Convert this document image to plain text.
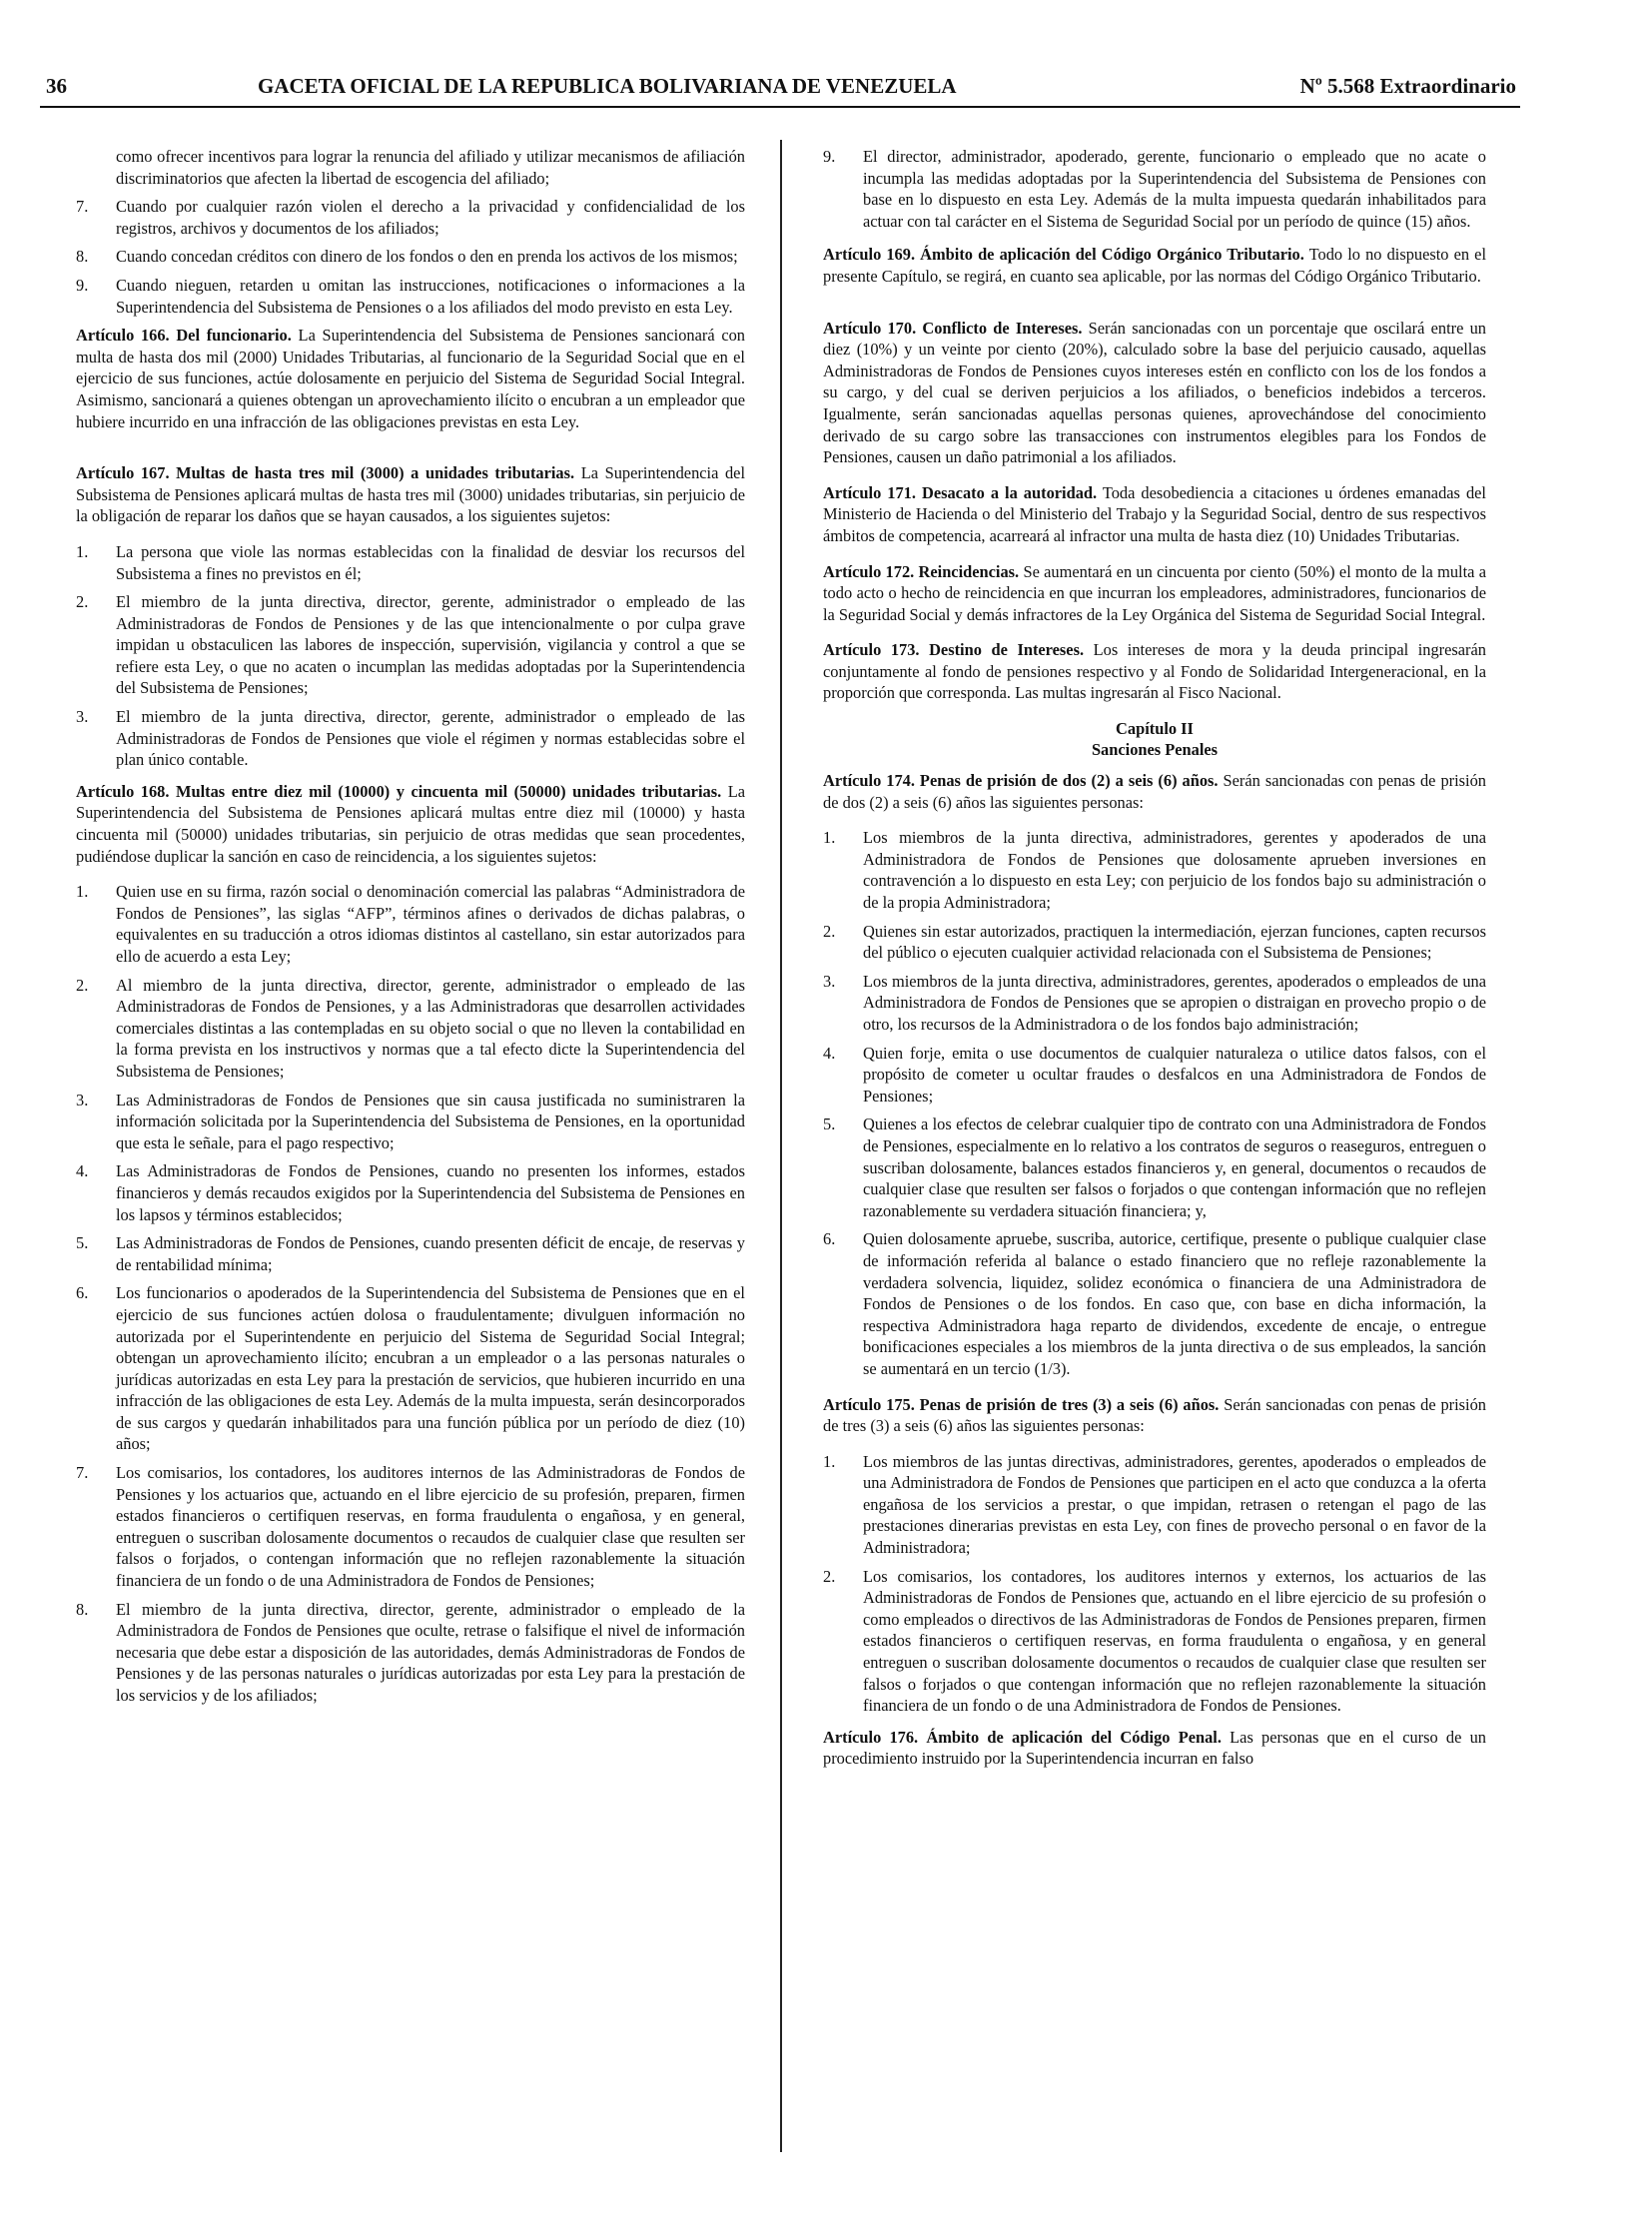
36	GACETA OFICIAL DE LA REPUBLICA BOLIVARIANA DE VENEZUELA	Nº 5.568 Extraordinario

como ofrecer incentivos para lograr la renuncia del afiliado y utilizar mecanismos de afiliación discriminatorios que afecten la libertad de escogencia del afiliado;

7. Cuando por cualquier razón violen el derecho a la privacidad y confidencialidad de los registros, archivos y documentos de los afiliados;
8. Cuando concedan créditos con dinero de los fondos o den en prenda los activos de los mismos;
9. Cuando nieguen, retarden u omitan las instrucciones, notificaciones o informaciones a la Superintendencia del Subsistema de Pensiones o a los afiliados del modo previsto en esta Ley.

Artículo 166. Del funcionario. La Superintendencia del Subsistema de Pensiones sancionará con multa de hasta dos mil (2000) Unidades Tributarias, al funcionario de la Seguridad Social que en el ejercicio de sus funciones, actúe dolosamente en perjuicio del Sistema de Seguridad Social Integral. Asimismo, sancionará a quienes obtengan un aprovechamiento ilícito o encubran a un empleador que hubiere incurrido en una infracción de las obligaciones previstas en esta Ley.

Artículo 167. Multas de hasta tres mil (3000) a unidades tributarias. La Superintendencia del Subsistema de Pensiones aplicará multas de hasta tres mil (3000) unidades tributarias, sin perjuicio de la obligación de reparar los daños que se hayan causados, a los siguientes sujetos:

1. La persona que viole las normas establecidas con la finalidad de desviar los recursos del Subsistema a fines no previstos en él;
2. El miembro de la junta directiva, director, gerente, administrador o empleado de las Administradoras de Fondos de Pensiones y de las que intencionalmente o por culpa grave impidan u obstaculicen las labores de inspección, supervisión, vigilancia y control a que se refiere esta Ley, o que no acaten o incumplan las medidas adoptadas por la Superintendencia del Subsistema de Pensiones;
3. El miembro de la junta directiva, director, gerente, administrador o empleado de las Administradoras de Fondos de Pensiones que viole el régimen y normas establecidas sobre el plan único contable.

Artículo 168. Multas entre diez mil (10000) y cincuenta mil (50000) unidades tributarias. La Superintendencia del Subsistema de Pensiones aplicará multas entre diez mil (10000) y hasta cincuenta mil (50000) unidades tributarias, sin perjuicio de otras medidas que sean procedentes, pudiéndose duplicar la sanción en caso de reincidencia, a los siguientes sujetos:

1. Quien use en su firma, razón social o denominación comercial las palabras “Administradora de Fondos de Pensiones”, las siglas “AFP”, términos afines o derivados de dichas palabras, o equivalentes en su traducción a otros idiomas distintos al castellano, sin estar autorizados para ello de acuerdo a esta Ley;
2. Al miembro de la junta directiva, director, gerente, administrador o empleado de las Administradoras de Fondos de Pensiones, y a las Administradoras que desarrollen actividades comerciales distintas a las contempladas en su objeto social o que no lleven la contabilidad en la forma prevista en los instructivos y normas que a tal efecto dicte la Superintendencia del Subsistema de Pensiones;
3. Las Administradoras de Fondos de Pensiones que sin causa justificada no suministraren la información solicitada por la Superintendencia del Subsistema de Pensiones, en la oportunidad que esta le señale, para el pago respectivo;
4. Las Administradoras de Fondos de Pensiones, cuando no presenten los informes, estados financieros y demás recaudos exigidos por la Superintendencia del Subsistema de Pensiones en los lapsos y términos establecidos;
5. Las Administradoras de Fondos de Pensiones, cuando presenten déficit de encaje, de reservas y de rentabilidad mínima;
6. Los funcionarios o apoderados de la Superintendencia del Subsistema de Pensiones que en el ejercicio de sus funciones actúen dolosa o fraudulentamente; divulguen información no autorizada por el Superintendente en perjuicio del Sistema de Seguridad Social Integral; obtengan un aprovechamiento ilícito; encubran a un empleador o a las personas naturales o jurídicas autorizadas en esta Ley para la prestación de servicios, que hubieren incurrido en una infracción de las obligaciones de esta Ley. Además de la multa impuesta, serán desincorporados de sus cargos y quedarán inhabilitados para una función pública por un período de diez (10) años;
7. Los comisarios, los contadores, los auditores internos de las Administradoras de Fondos de Pensiones y los actuarios que, actuando en el libre ejercicio de su profesión, preparen, firmen estados financieros o certifiquen reservas, en forma fraudulenta o engañosa, y en general, entreguen o suscriban dolosamente documentos o recaudos de cualquier clase que resulten ser falsos o forjados, o contengan información que no reflejen razonablemente la situación financiera de un fondo o de una Administradora de Fondos de Pensiones;
8. El miembro de la junta directiva, director, gerente, administrador o empleado de la Administradora de Fondos de Pensiones que oculte, retrase o falsifique el nivel de información necesaria que debe estar a disposición de las autoridades, demás Administradoras de Fondos de Pensiones y de las personas naturales o jurídicas autorizadas por esta Ley para la prestación de los servicios y de los afiliados;
9. El director, administrador, apoderado, gerente, funcionario o empleado que no acate o incumpla las medidas adoptadas por la Superintendencia del Subsistema de Pensiones con base en lo dispuesto en esta Ley. Además de la multa impuesta quedarán inhabilitados para actuar con tal carácter en el Sistema de Seguridad Social por un período de quince (15) años.

Artículo 169. Ámbito de aplicación del Código Orgánico Tributario. Todo lo no dispuesto en el presente Capítulo, se regirá, en cuanto sea aplicable, por las normas del Código Orgánico Tributario.

Artículo 170. Conflicto de Intereses. Serán sancionadas con un porcentaje que oscilará entre un diez (10%) y un veinte por ciento (20%), calculado sobre la base del perjuicio causado, aquellas Administradoras de Fondos de Pensiones cuyos intereses estén en conflicto con los de los fondos a su cargo, y del cual se deriven perjuicios a los afiliados, o beneficios indebidos a terceros. Igualmente, serán sancionadas aquellas personas quienes, aprovechándose del conocimiento derivado de su cargo sobre las transacciones con instrumentos elegibles para los Fondos de Pensiones, causen un daño patrimonial a los afiliados.

Artículo 171. Desacato a la autoridad. Toda desobediencia a citaciones u órdenes emanadas del Ministerio de Hacienda o del Ministerio del Trabajo y la Seguridad Social, dentro de sus respectivos ámbitos de competencia, acarreará al infractor una multa de hasta diez (10) Unidades Tributarias.

Artículo 172. Reincidencias. Se aumentará en un cincuenta por ciento (50%) el monto de la multa a todo acto o hecho de reincidencia en que incurran los empleadores, administradores, funcionarios de la Seguridad Social y demás infractores de la Ley Orgánica del Sistema de Seguridad Social Integral.

Artículo 173. Destino de Intereses. Los intereses de mora y la deuda principal ingresarán conjuntamente al fondo de pensiones respectivo y al Fondo de Solidaridad Intergeneracional, en la proporción que corresponda. Las multas ingresarán al Fisco Nacional.

Capítulo II
Sanciones Penales

Artículo 174. Penas de prisión de dos (2) a seis (6) años. Serán sancionadas con penas de prisión de dos (2) a seis (6) años las siguientes personas:

1. Los miembros de la junta directiva, administradores, gerentes y apoderados de una Administradora de Fondos de Pensiones que dolosamente aprueben inversiones en contravención a lo dispuesto en esta Ley; con perjuicio de los fondos bajo su administración o de la propia Administradora;
2. Quienes sin estar autorizados, practiquen la intermediación, ejerzan funciones, capten recursos del público o ejecuten cualquier actividad relacionada con el Subsistema de Pensiones;
3. Los miembros de la junta directiva, administradores, gerentes, apoderados o empleados de una Administradora de Fondos de Pensiones que se apropien o distraigan en provecho propio o de otro, los recursos de la Administradora o de los fondos bajo administración;
4. Quien forje, emita o use documentos de cualquier naturaleza o utilice datos falsos, con el propósito de cometer u ocultar fraudes o desfalcos en una Administradora de Fondos de Pensiones;
5. Quienes a los efectos de celebrar cualquier tipo de contrato con una Administradora de Fondos de Pensiones, especialmente en lo relativo a los contratos de seguros o reaseguros, entreguen o suscriban dolosamente, balances estados financieros y, en general, documentos o recaudos de cualquier clase que resulten ser falsos o forjados o que contengan información que no reflejen razonablemente su verdadera situación financiera; y,
6. Quien dolosamente apruebe, suscriba, autorice, certifique, presente o publique cualquier clase de información referida al balance o estado financiero que no refleje razonablemente la verdadera solvencia, liquidez, solidez económica o financiera de una Administradora de Fondos de Pensiones o de los fondos. En caso que, con base en dicha información, la respectiva Administradora haga reparto de dividendos, excedente de encaje, o entregue bonificaciones especiales a los miembros de la junta directiva o de sus empleados, la sanción se aumentará en un tercio (1/3).

Artículo 175. Penas de prisión de tres (3) a seis (6) años. Serán sancionadas con penas de prisión de tres (3) a seis (6) años las siguientes personas:

1. Los miembros de las juntas directivas, administradores, gerentes, apoderados o empleados de una Administradora de Fondos de Pensiones que participen en el acto que conduzca a la oferta engañosa de los servicios a prestar, o que impidan, retrasen o retengan el pago de las prestaciones dinerarias previstas en esta Ley, con fines de provecho personal o en favor de la Administradora;
2. Los comisarios, los contadores, los auditores internos y externos, los actuarios de las Administradoras de Fondos de Pensiones que, actuando en el libre ejercicio de su profesión o como empleados o directivos de las Administradoras de Fondos de Pensiones preparen, firmen estados financieros o certifiquen reservas, en forma fraudulenta o engañosa, y en general entreguen o suscriban dolosamente documentos o recaudos de cualquier clase que resulten ser falsos o forjados o que contengan información que no reflejen razonablemente la situación financiera de un fondo o de una Administradora de Fondos de Pensiones.

Artículo 176. Ámbito de aplicación del Código Penal. Las personas que en el curso de un procedimiento instruido por la Superintendencia incurran en falso
